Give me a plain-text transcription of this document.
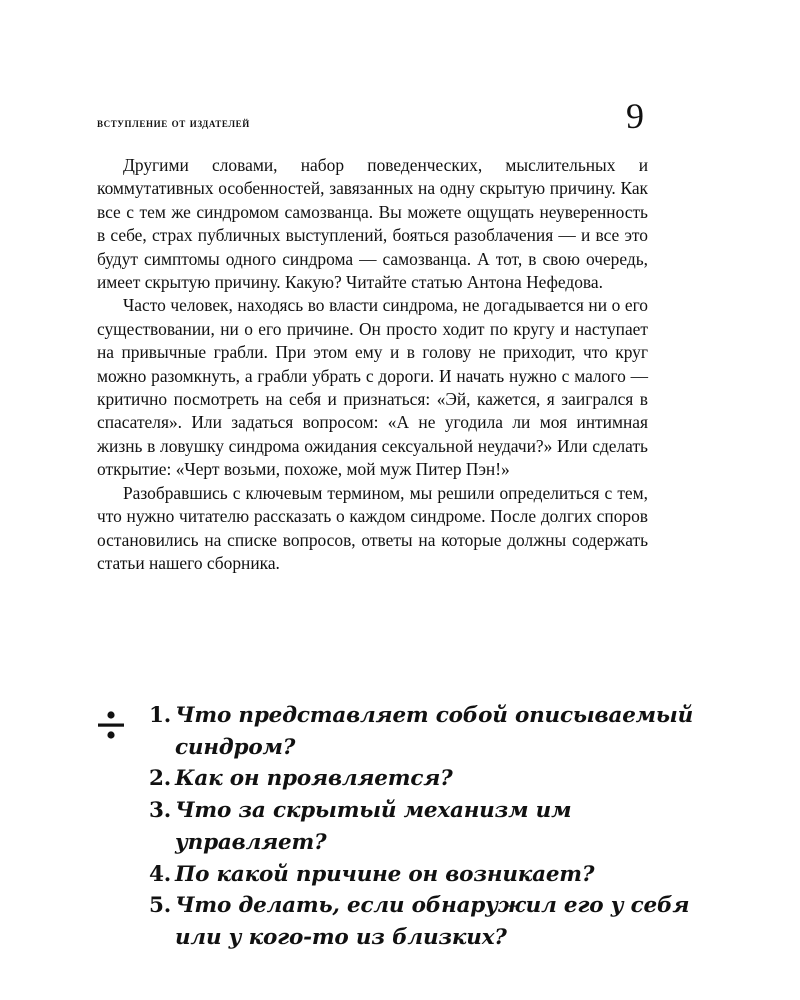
вступление от издателей	9

Другими словами, набор поведенческих, мыслительных и коммутативных особенностей, завязанных на одну скрытую причину. Как все с тем же синдромом самозванца. Вы можете ощущать неуверенность в себе, страх публичных выступлений, бояться разоблачения — и все это будут симптомы одного синдрома — самозванца. А тот, в свою очередь, имеет скрытую причину. Какую? Читайте статью Антона Нефедова.

Часто человек, находясь во власти синдрома, не догадывается ни о его существовании, ни о его причине. Он просто ходит по кругу и наступает на привычные грабли. При этом ему и в голову не приходит, что круг можно разомкнуть, а грабли убрать с дороги. И начать нужно с малого — критично посмотреть на себя и признаться: «Эй, кажется, я заигрался в спасателя». Или задаться вопросом: «А не угодила ли моя интимная жизнь в ловушку синдрома ожидания сексуальной неудачи?» Или сделать открытие: «Черт возьми, похоже, мой муж Питер Пэн!»

Разобравшись с ключевым термином, мы решили определиться с тем, что нужно читателю рассказать о каждом синдроме. После долгих споров остановились на списке вопросов, ответы на которые должны содержать статьи нашего сборника.

1. Что представляет собой описываемый синдром?
2. Как он проявляется?
3. Что за скрытый механизм им управляет?
4. По какой причине он возникает?
5. Что делать, если обнаружил его у себя
или у кого-то из близких?
